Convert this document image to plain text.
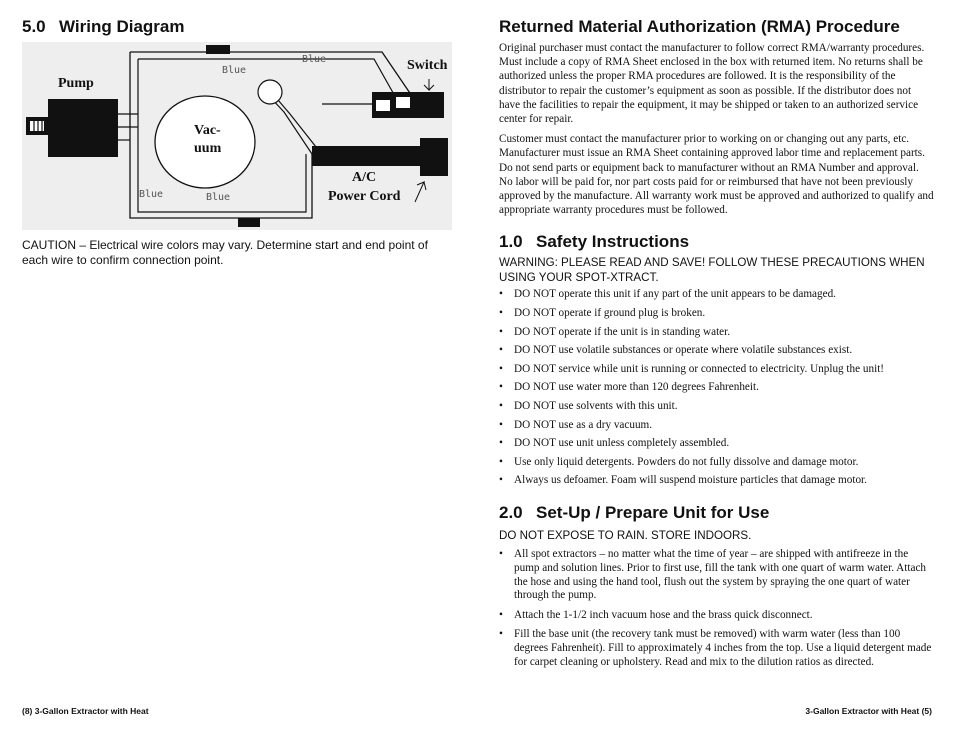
5.0 Wiring Diagram
Pump
Switch
Vac-
uum
A/C
Power Cord
Blue
Blue
Blue	Blue
CAUTION – Electrical wire colors may vary. Determine start and end point of each wire to confirm connection point.
Returned Material Authorization (RMA) Procedure

Original purchaser must contact the manufacturer to follow correct RMA/warranty procedures. Must include a copy of RMA Sheet enclosed in the box with returned item. No returns shall be authorized unless the proper RMA procedures are followed. It is the responsibility of the distributor to repair the customer’s equipment as soon as possible. If the distributor does not have the facilities to repair the equipment, it may be shipped or taken to an authorized service center for repair.

Customer must contact the manufacturer prior to working on or changing out any parts, etc. Manufacturer must issue an RMA Sheet containing approved labor time and replacement parts. Do not send parts or equipment back to manufacturer without an RMA Number and approval. No labor will be paid for, nor part costs paid for or reimbursed that have not been previously approved by the manufacture. All warranty work must be approved and authorized to qualify and appropriate warranty procedures must be followed.

1.0 Safety Instructions

WARNING: PLEASE READ AND SAVE! FOLLOW THESE PRECAUTIONS WHEN USING YOUR SPOT-XTRACT.

• DO NOT operate this unit if any part of the unit appears to be damaged.
• DO NOT operate if ground plug is broken.
• DO NOT operate if the unit is in standing water.
• DO NOT use volatile substances or operate where volatile substances exist.
• DO NOT service while unit is running or connected to electricity. Unplug the unit!
• DO NOT use water more than 120 degrees Fahrenheit.
• DO NOT use solvents with this unit.
• DO NOT use as a dry vacuum.
• DO NOT use unit unless completely assembled.
• Use only liquid detergents. Powders do not fully dissolve and damage motor.
• Always us defoamer. Foam will suspend moisture particles that damage motor.
2.0 Set-Up / Prepare Unit for Use

DO NOT EXPOSE TO RAIN. STORE INDOORS.

• All spot extractors – no matter what the time of year – are shipped with antifreeze in the pump and solution lines. Prior to first use, fill the tank with one quart of warm water. Attach the hose and using the hand tool, flush out the system by spraying the one quart of water through the pump.
• Attach the 1-1/2 inch vacuum hose and the brass quick disconnect.
• Fill the base unit (the recovery tank must be removed) with warm water (less than 100 degrees Fahrenheit). Fill to approximately 4 inches from the top. Use a liquid detergent made for carpet cleaning or upholstery. Read and mix to the dilution ratios as directed.
(8) 3-Gallon Extractor with Heat	3-Gallon Extractor with Heat (5)
